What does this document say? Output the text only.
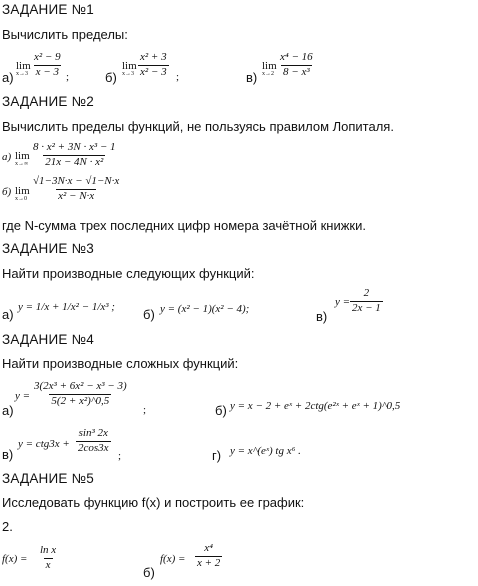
ЗАДАНИЕ №1
Вычислить пределы:
а)
lim
$x\to 3 \frac{\text{x² − 9}}{x - 3}$ ;	б)
lim
$x\to 3 \frac{\text{x² + 3}}{\text{x² − 3}}$ ;	в)
lim
$x\to 2 \frac{\text{x⁴ − 16}}{\text{8 − x³}}$
ЗАДАНИЕ №2
Вычислить пределы функций, не пользуясь правилом Лопиталя.
а) lim
$x\to\infty \frac{\text{8 · x² + 3N · x³ − 1}}{\text{21x − 4N · x²}}$
б) lim
$x\to 0 \frac{√1-3N\cdot x - √1-N\cdot x}{\text{x² − N·x}}$
где N-сумма трех последних цифр номера зачётной книжки.
ЗАДАНИЕ №3
Найти производные следующих функций:
а) y = 1/x + 1/x² − 1/x³ ; б) y = (x² − 1)(x² − 4);	в)
$y = \frac{2}{2x - 1}$
ЗАДАНИЕ №4
Найти производные сложных функций:
а)
$y = \frac{\text{3(2x³ + 6x² − x³ − 3)}}{\text{5(2 + x²)\textasciicircum{}0,5}}$
;	б) y = x − 2 + eˣ + 2ctg(e²ˣ + eˣ + 1)^0,5
в)
$y = ctg3x + \frac{\text{sin³ 2x}}{2\cos 3x}$
;	г) y = x^(eˣ) tg x⁶ .
ЗАДАНИЕ №5
Исследовать функцию f(x) и построить ее график:
2.
$f(x) = \frac{\text{ln x}}{x}$
б)
$f(x) = \frac{\text{x⁴}}{x + 2}$
